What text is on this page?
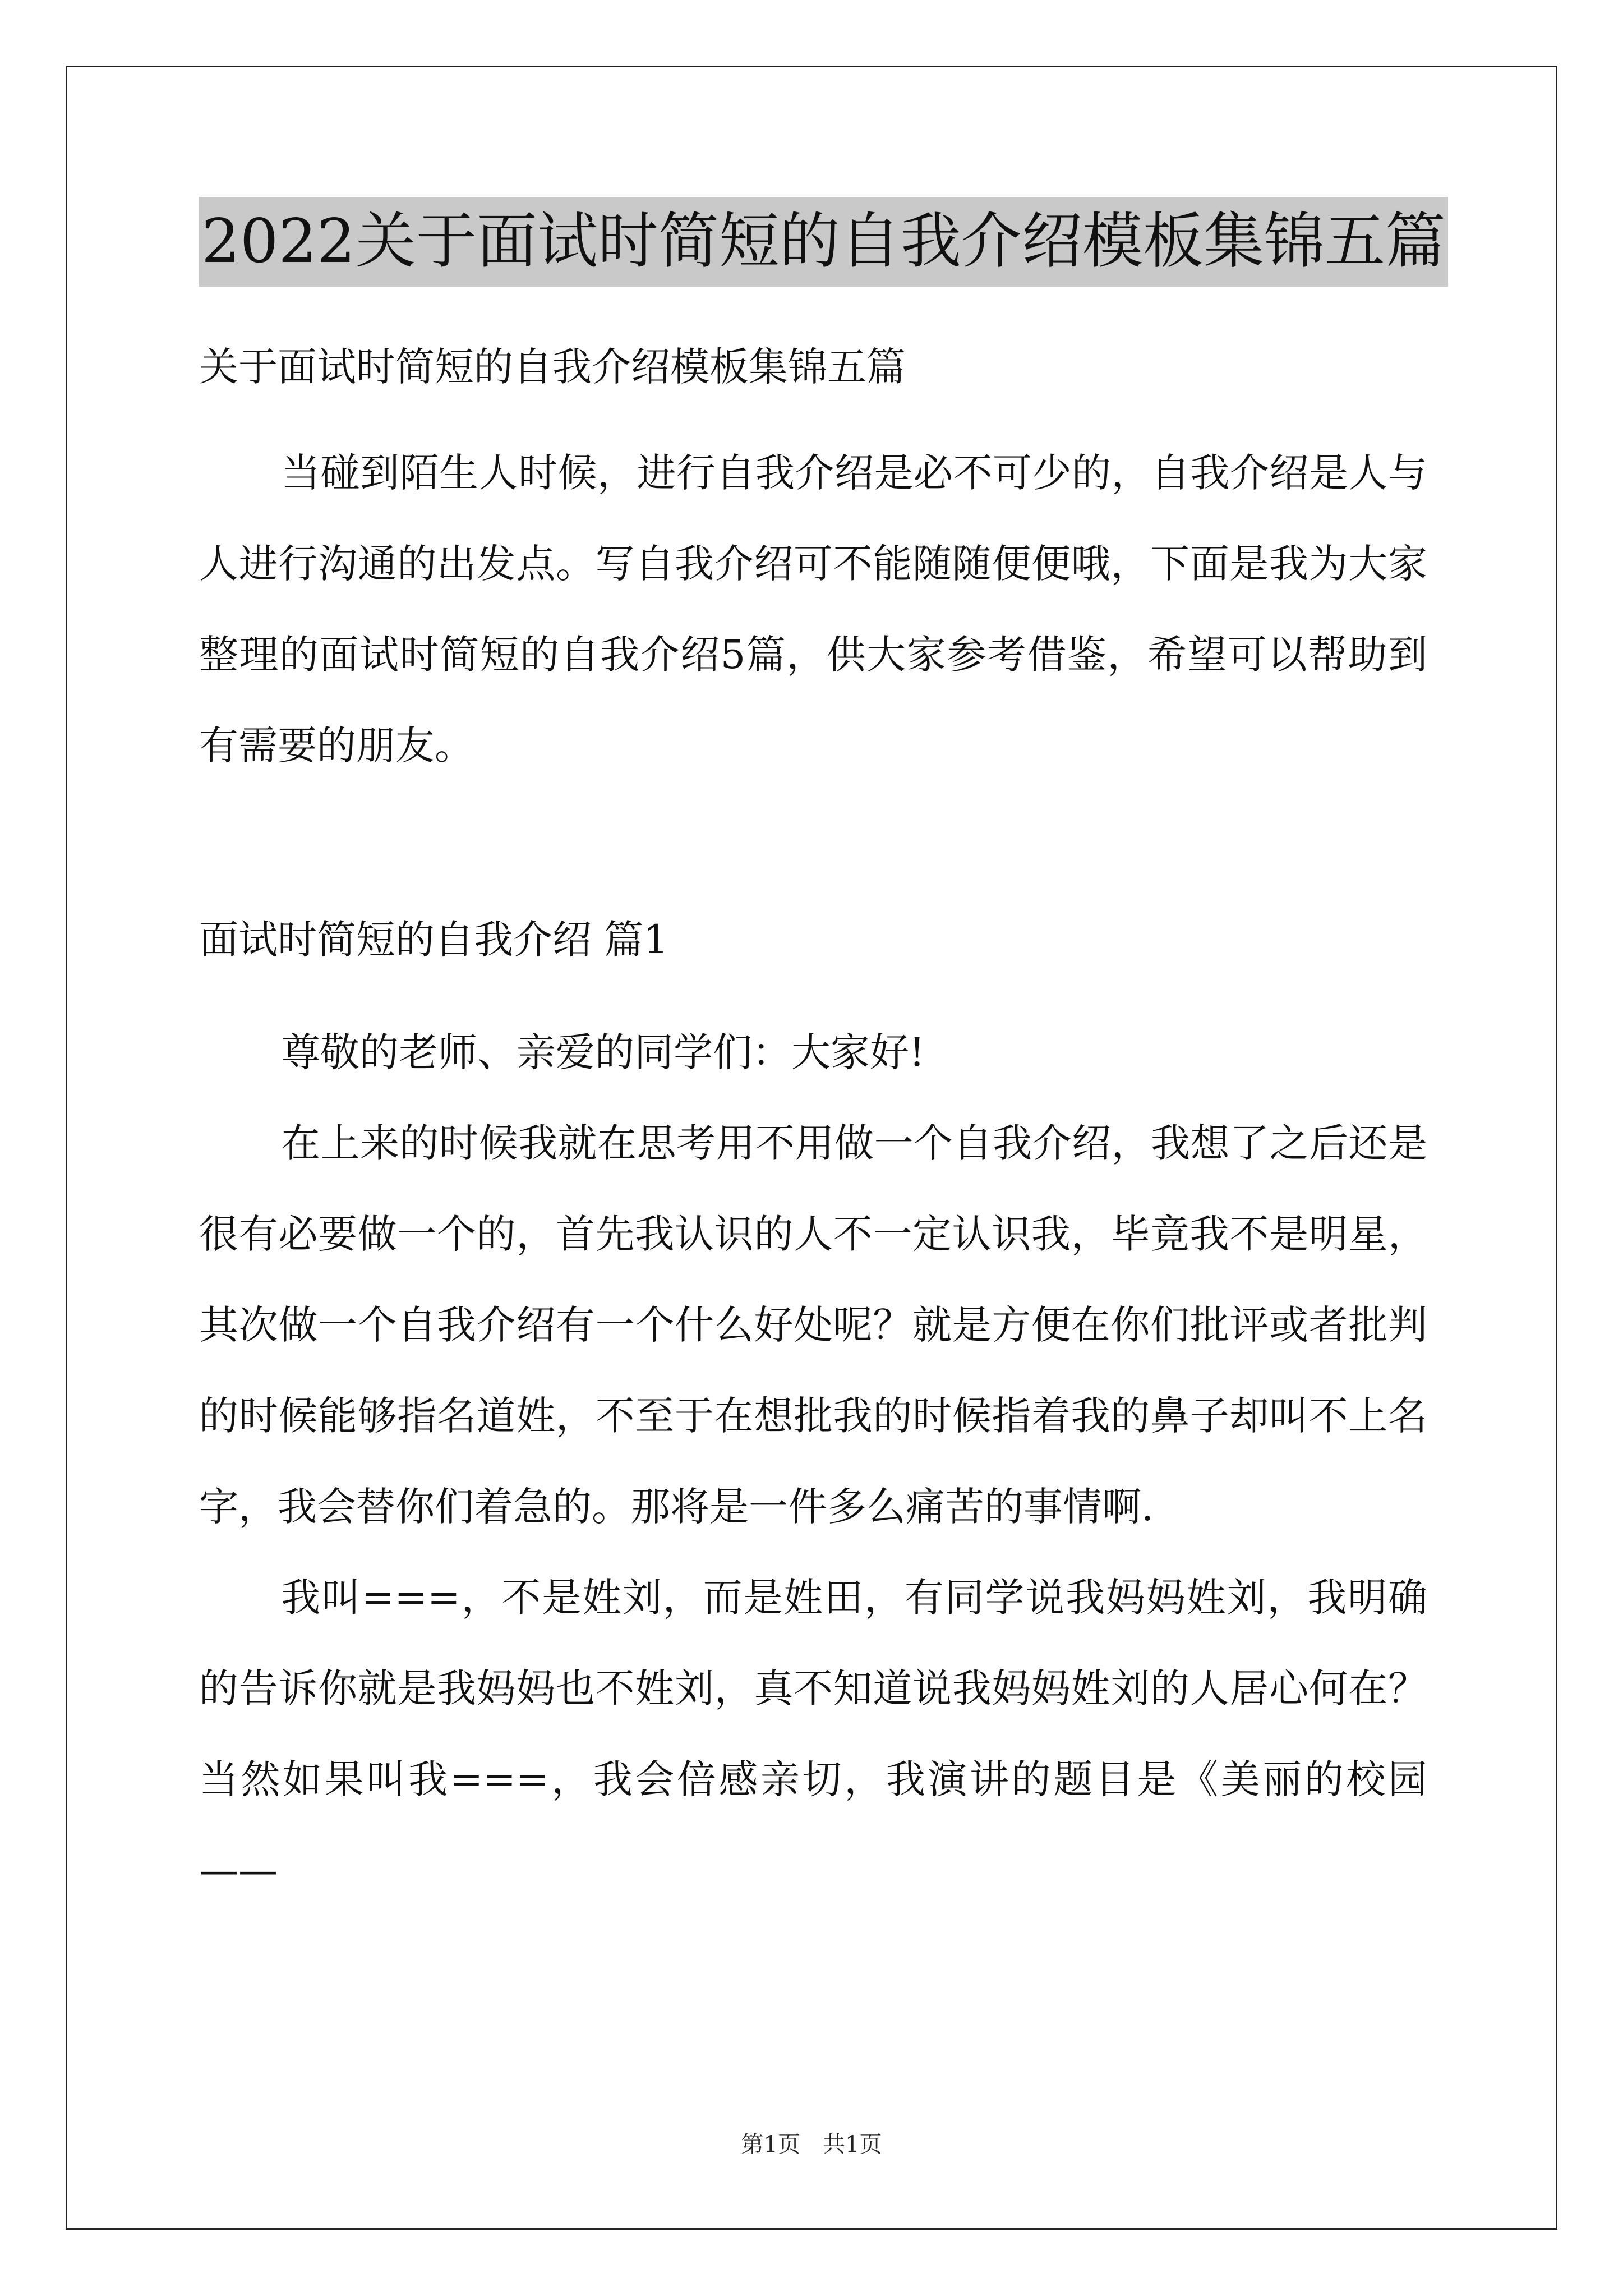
2022关于面试时简短的自我介绍模板集锦五篇
关于面试时简短的自我介绍模板集锦五篇

当碰到陌生人时候，进行自我介绍是必不可少的，自我介绍是人与人进行沟通的出发点。写自我介绍可不能随随便便哦，下面是我为大家整理的面试时简短的自我介绍5篇，供大家参考借鉴，希望可以帮助到有需要的朋友。

面试时简短的自我介绍 篇1

尊敬的老师、亲爱的同学们：大家好!

在上来的时候我就在思考用不用做一个自我介绍，我想了之后还是很有必要做一个的，首先我认识的人不一定认识我，毕竟我不是明星，其次做一个自我介绍有一个什么好处呢？就是方便在你们批评或者批判的时候能够指名道姓，不至于在想批我的时候指着我的鼻子却叫不上名字，我会替你们着急的。那将是一件多么痛苦的事情啊.

我叫===，不是姓刘，而是姓田，有同学说我妈妈姓刘，我明确的告诉你就是我妈妈也不姓刘，真不知道说我妈妈姓刘的人居心何在？当然如果叫我===，我会倍感亲切，我演讲的题目是《美丽的校园——

第1页　共1页
